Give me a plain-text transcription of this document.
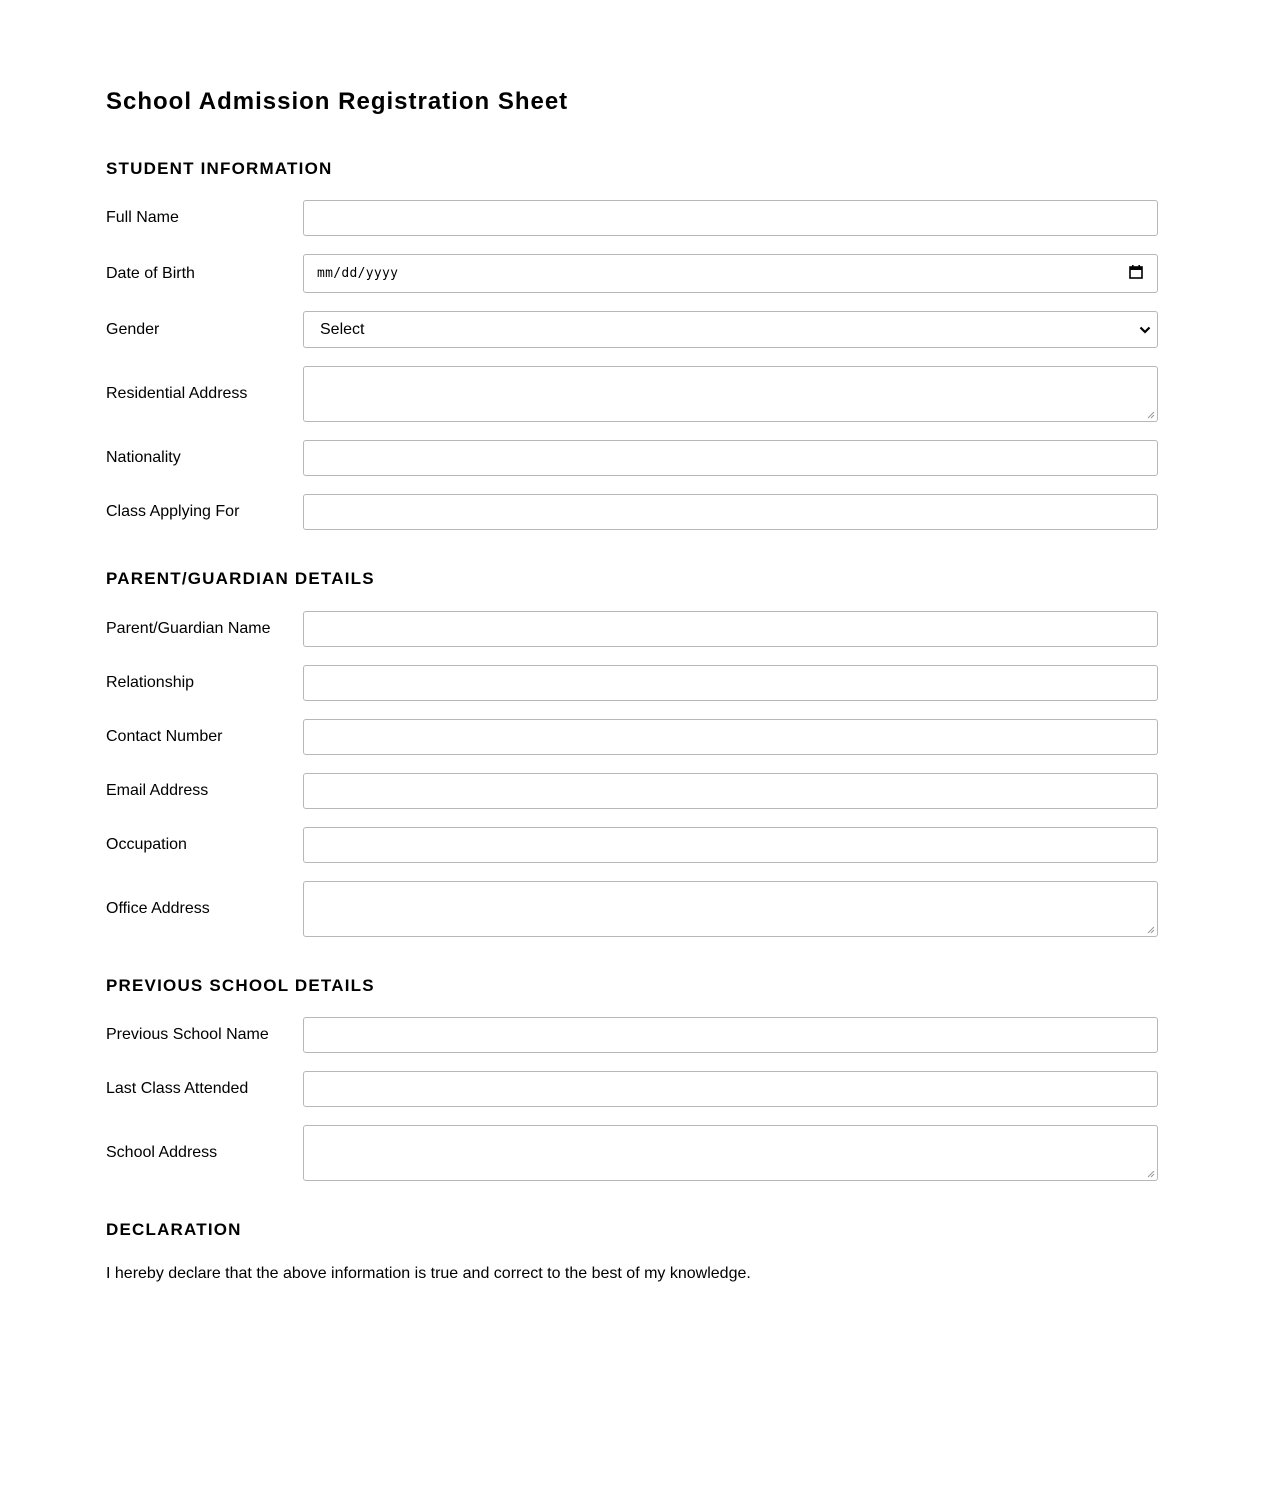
School Admission Registration Sheet
STUDENT INFORMATION
Full Name
Date of Birth	mm/dd/yyyy
Gender	Select
Residential Address
Nationality
Class Applying For
PARENT/GUARDIAN DETAILS
Parent/Guardian Name
Relationship
Contact Number
Email Address
Occupation
Office Address
PREVIOUS SCHOOL DETAILS
Previous School Name
Last Class Attended
School Address
DECLARATION

I hereby declare that the above information is true and correct to the best of my knowledge.
